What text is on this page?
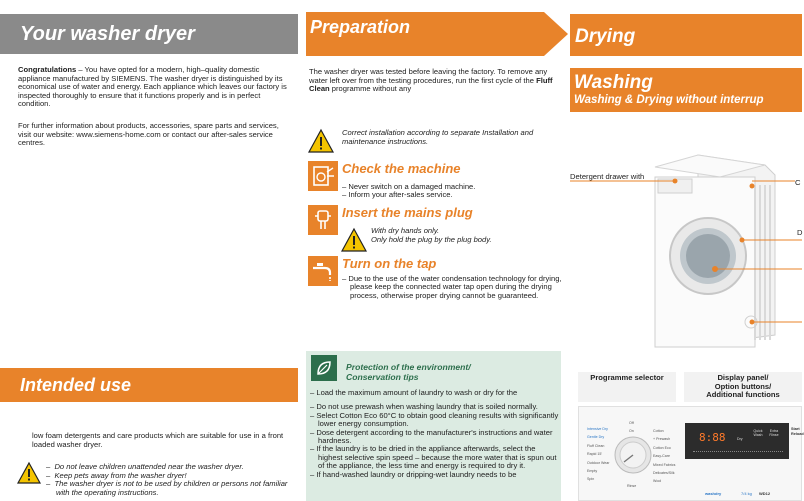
Your washer dryer

Congratulations – You have opted for a modern, high–quality domestic appliance manufactured by SIEMENS. The washer dryer is distinguished by its economical use of water and energy. Each appliance which leaves our factory is inspected thoroughly to ensure that it functions properly and is in perfect condition.

For further information about products, accessories, spare parts and services, visit our website: www.siemens-home.com or contact our after-sales service centres.

Intended use

low foam detergents and care products which are suitable for use in a front loaded washer dryer.

–  Do not leave children unattended near the washer dryer.
–  Keep pets away from the washer dryer!
–  The washer dryer is not to be used by children or persons not familiar with the operating instructions.
Preparation

The washer dryer was tested before leaving the factory. To remove any water left over from the testing procedures, run the first cycle of the Fluff Clean programme without any

Correct installation according to separate Installation and maintenance instructions.

Check the machine
– Never switch on a damaged machine.
– Inform your after-sales service.
Insert the mains plug
With dry hands only.
Only hold the plug by the plug body.
Turn on the tap
– Due to the use of the water condensation technology for drying, please keep the connected water tap open during the drying process, otherwise proper drying cannot be guaranteed.
Protection of the environment/
Conservation tips
– Load the maximum amount of laundry to wash or dry for the
– Do not use prewash when washing laundry that is soiled normally.
– Select Cotton Eco 60°C to obtain good cleaning results with significantly lower energy consumption.
– Dose detergent according to the manufacturer's instructions and water hardness.
– If the laundry is to be dried in the appliance afterwards, select the highest selective spin speed – because the more water that is spun out of the appliance, the less time and energy is required to dry it.
– If hand-washed laundry or dripping-wet laundry needs to be
Drying
Washing
Washing & Drying without interrup
Detergent drawer with
C
D
Programme selector	Display panel/
Option buttons/
Additional functions
Intensive Dry
Gentle Dry
Fluff Clean
Rapid 15'
Outdoor Wear
Empty
Spin
Off
On
Rinse
Cotton
+ Prewash
Cotton Eco
Easy-Care
Mixed Fabrics
Delicates/Silk
Wool
8:88	Quick Wash
Extra Rinse
Dry
washdry	7/4 kg WD12
Start
Reload
